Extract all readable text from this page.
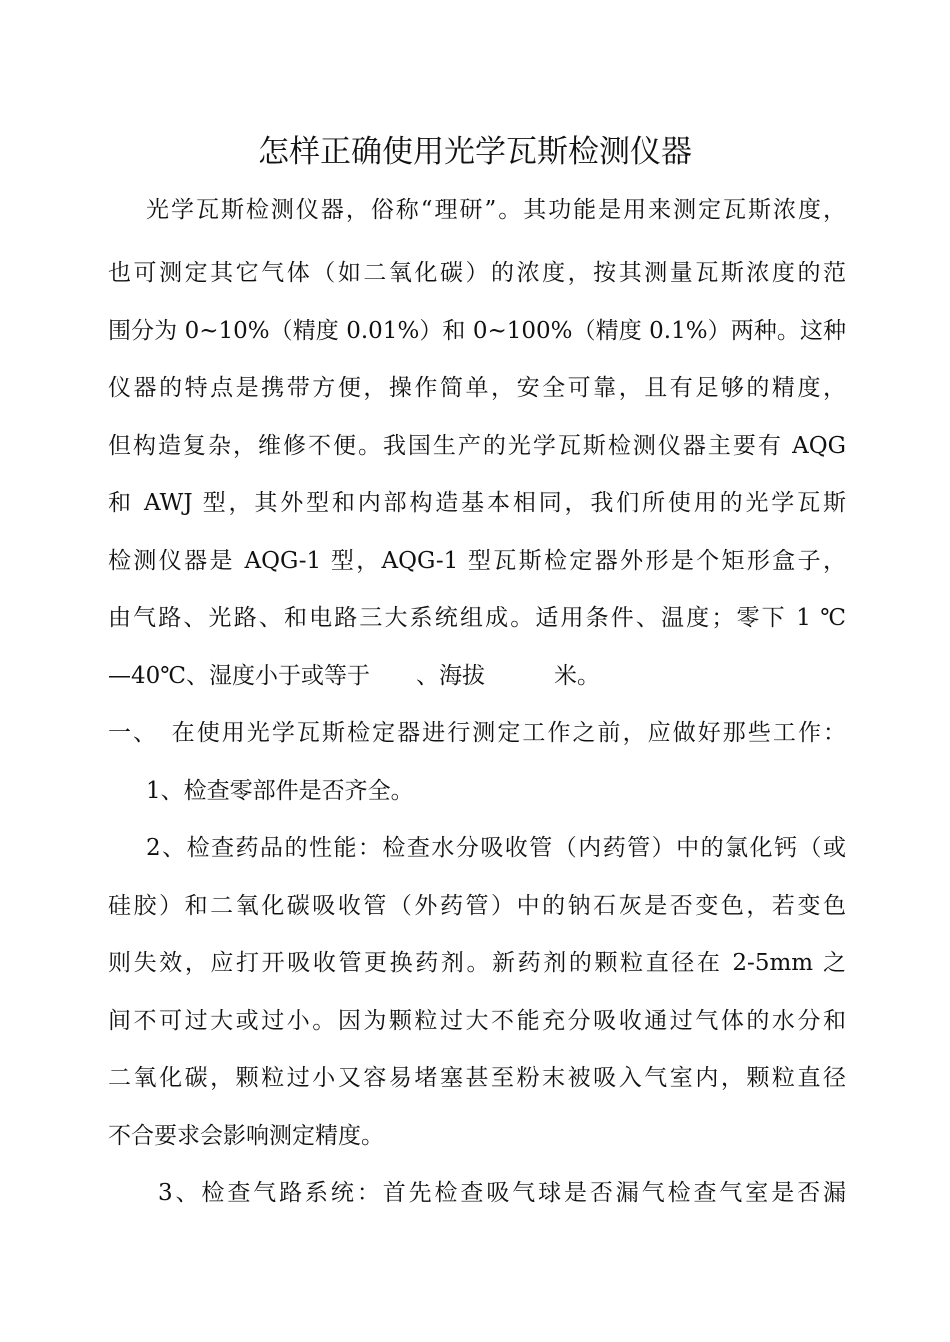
怎样正确使用光学瓦斯检测仪器
光学瓦斯检测仪器，俗称“理研”。其功能是用来测定瓦斯浓度，
也可测定其它气体（如二氧化碳）的浓度，按其测量瓦斯浓度的范
围分为 0~10%（精度 0.01%）和 0~100%（精度 0.1%）两种。这种
仪器的特点是携带方便，操作简单，安全可靠，且有足够的精度，
但构造复杂，维修不便。我国生产的光学瓦斯检测仪器主要有 AQG
和 AWJ 型，其外型和内部构造基本相同，我们所使用的光学瓦斯
检测仪器是 AQG-1 型，AQG-1 型瓦斯检定器外形是个矩形盒子，
由气路、光路、和电路三大系统组成。适用条件、温度；零下 1 ℃
—40℃、湿度小于或等于　　、海拔　　　米。
一、　在使用光学瓦斯检定器进行测定工作之前，应做好那些工作：
1、检查零部件是否齐全。
2、检查药品的性能：检查水分吸收管（内药管）中的氯化钙（或
硅胶）和二氧化碳吸收管（外药管）中的钠石灰是否变色，若变色
则失效，应打开吸收管更换药剂。新药剂的颗粒直径在 2-5mm 之
间不可过大或过小。因为颗粒过大不能充分吸收通过气体的水分和
二氧化碳，颗粒过小又容易堵塞甚至粉末被吸入气室内，颗粒直径
不合要求会影响测定精度。
3、检查气路系统：首先检查吸气球是否漏气检查气室是否漏
